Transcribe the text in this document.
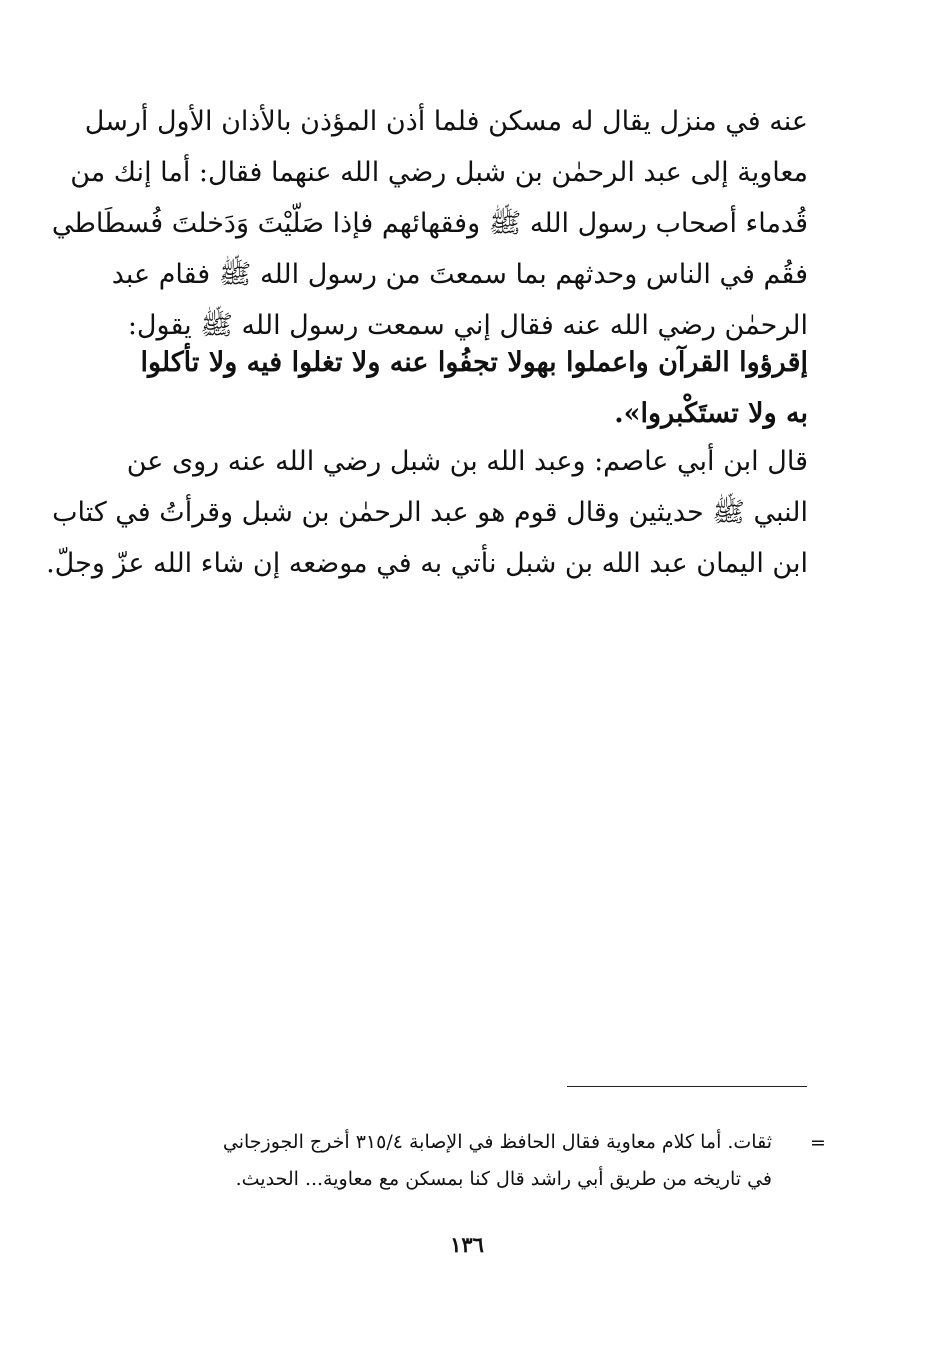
عنه في منزل يقال له مسكن فلما أذن المؤذن بالأذان الأول أرسل
معاوية إلى عبد الرحمٰن بن شبل رضي الله عنهما فقال: أما إنك من
قُدماء أصحاب رسول الله ﷺ وفقهائهم فإذا صَلّيْتَ وَدَخلتَ فُسطَاطي
فقُم في الناس وحدثهم بما سمعتَ من رسول الله ﷺ فقام عبد
الرحمٰن رضي الله عنه فقال إني سمعت رسول الله ﷺ يقول:
إقرؤوا القرآن واعملوا بهولا تجفُوا عنه ولا تغلوا فيه ولا تأكلوا
به ولا تستَكْبروا».
قال ابن أبي عاصم: وعبد الله بن شبل رضي الله عنه روى عن
النبي ﷺ حديثين وقال قوم هو عبد الرحمٰن بن شبل وقرأتُ في كتاب
ابن اليمان عبد الله بن شبل نأتي به في موضعه إن شاء الله عزّ وجلّ.
=
ثقات. أما كلام معاوية فقال الحافظ في الإصابة ٣١٥/٤ أخرج الجوزجاني
في تاريخه من طريق أبي راشد قال كنا بمسكن مع معاوية... الحديث.
١٣٦
